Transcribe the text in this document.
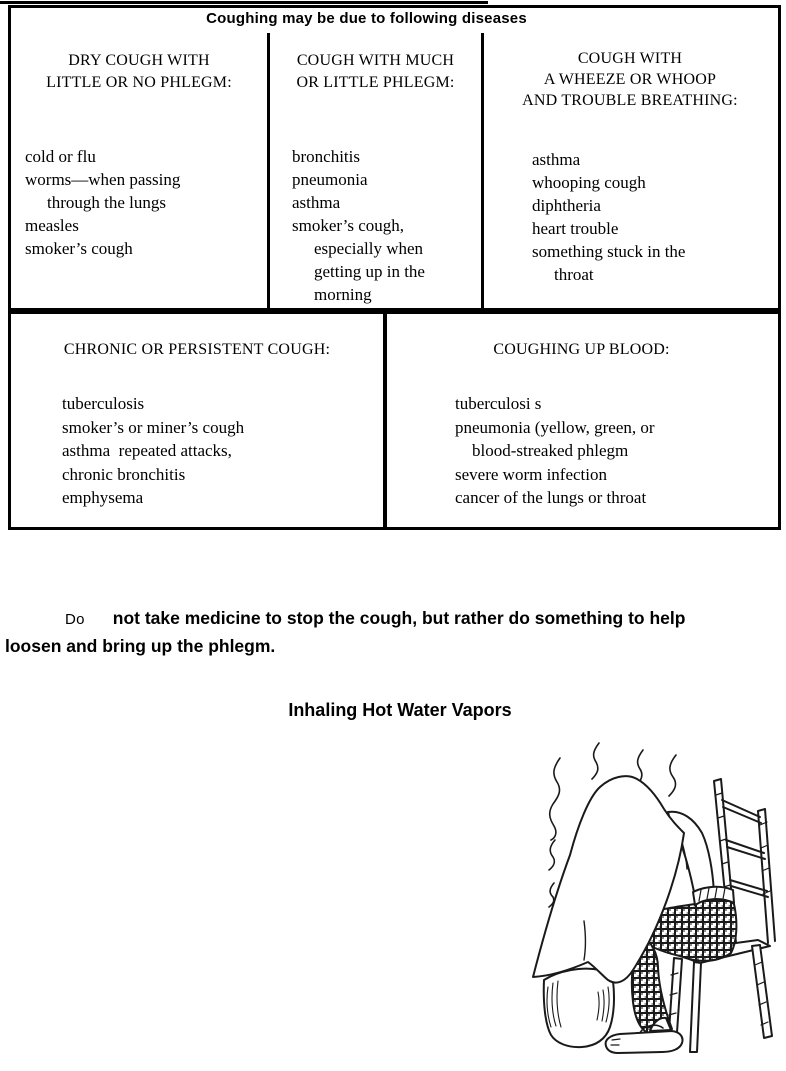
Coughing may be due to following diseases
DRY COUGH WITH
LITTLE OR NO PHLEGM:
cold or flu
worms—when passing
through the lungs
measles
smoker’s cough
COUGH WITH MUCH
OR LITTLE PHLEGM:
bronchitis
pneumonia
asthma
smoker’s cough,
especially when
getting up in the
morning
COUGH WITH
A WHEEZE OR WHOOP
AND TROUBLE BREATHING:
asthma
whooping cough
diphtheria
heart trouble
something stuck in the
throat
CHRONIC OR PERSISTENT COUGH:
tuberculosis
smoker’s or miner’s cough
asthma  repeated attacks,
chronic bronchitis
emphysema
COUGHING UP BLOOD:
tuberculosi s
pneumonia (yellow, green, or
blood-streaked phlegm
severe worm infection
cancer of the lungs or throat
Do not take medicine to stop the cough, but rather do something to help
loosen and bring up the phlegm.
Inhaling Hot Water Vapors
